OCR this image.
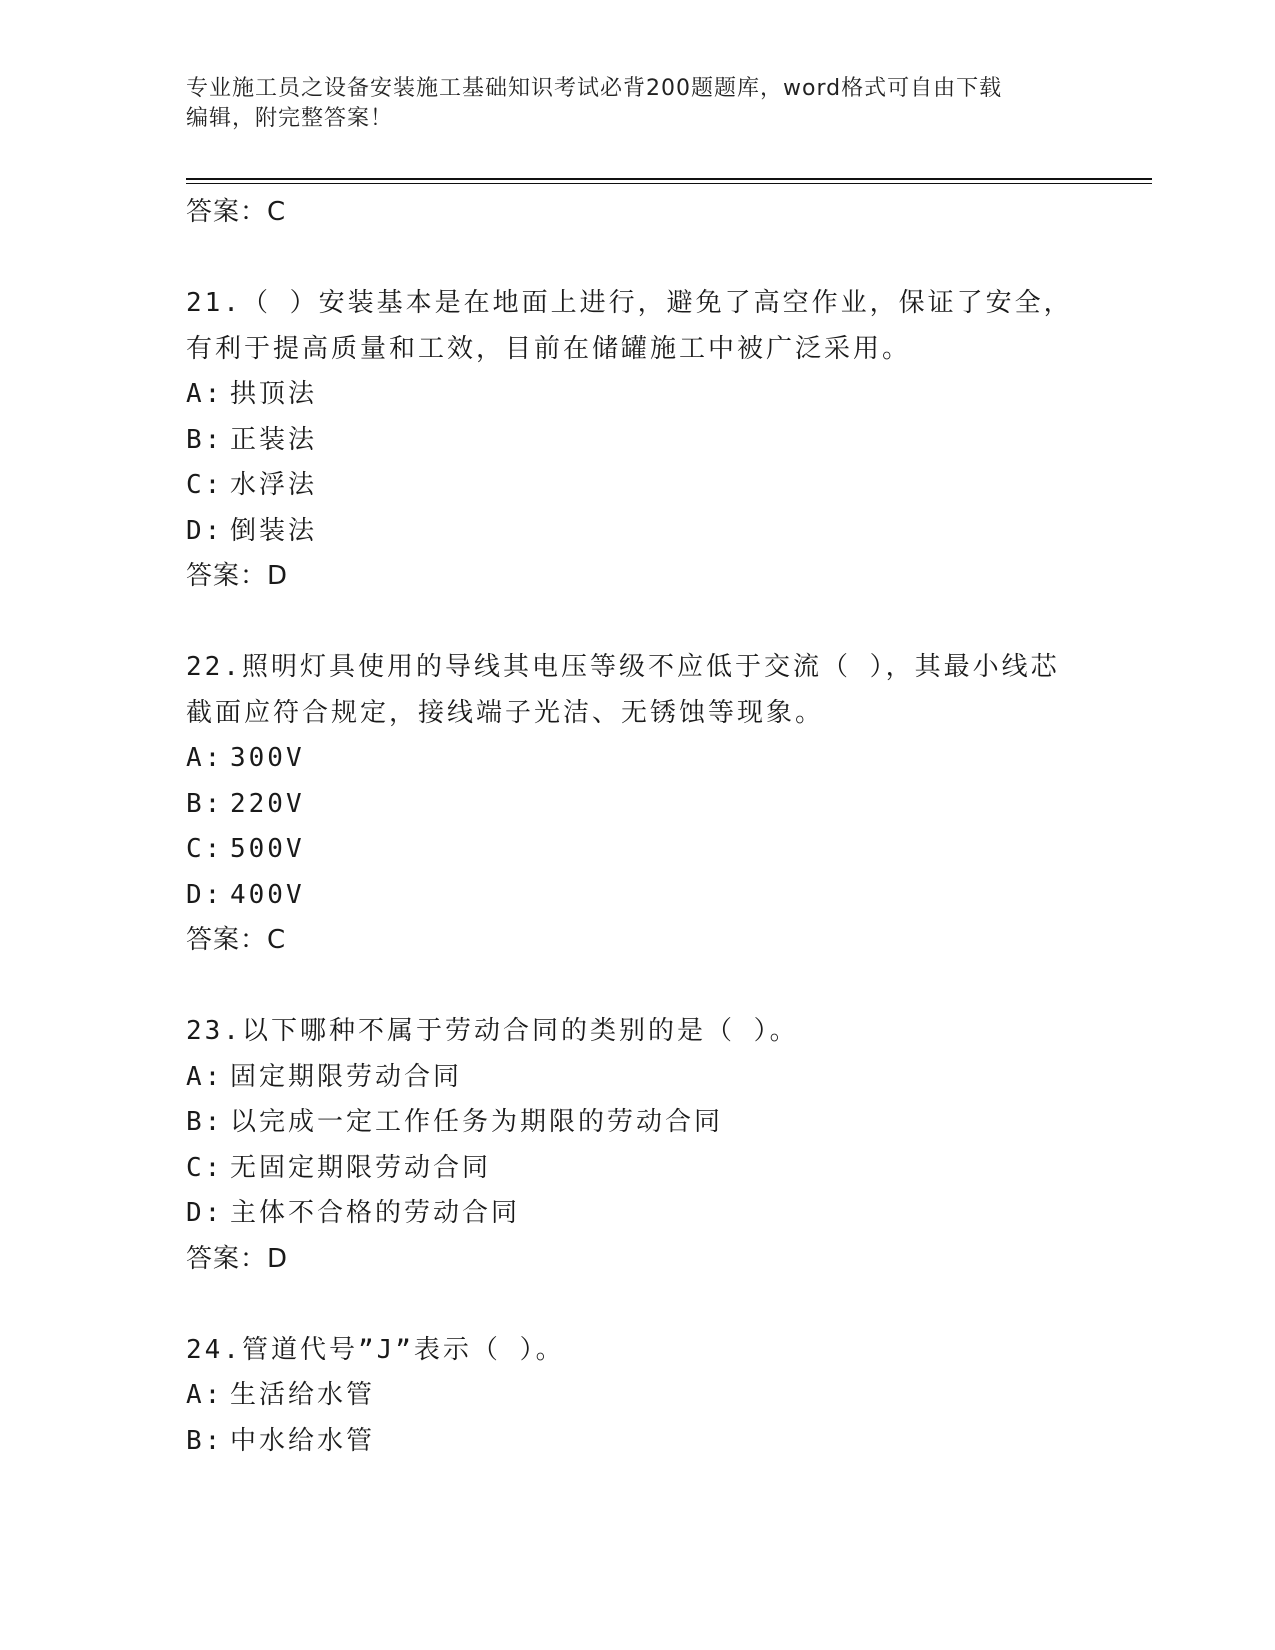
专业施工员之设备安装施工基础知识考试必背200题题库，word格式可自由下载
编辑，附完整答案！
答案：C
21.（ ）安装基本是在地面上进行，避免了高空作业，保证了安全，
有利于提高质量和工效，目前在储罐施工中被广泛采用。
A: 拱顶法
B: 正装法
C: 水浮法
D: 倒装法
答案：D
22.照明灯具使用的导线其电压等级不应低于交流（ ），其最小线芯
截面应符合规定，接线端子光洁、无锈蚀等现象。
A: 300V
B: 220V
C: 500V
D: 400V
答案：C
23.以下哪种不属于劳动合同的类别的是（ ）。
A: 固定期限劳动合同
B: 以完成一定工作任务为期限的劳动合同
C: 无固定期限劳动合同
D: 主体不合格的劳动合同
答案：D
24.管道代号”J”表示（ ）。
A: 生活给水管
B: 中水给水管
